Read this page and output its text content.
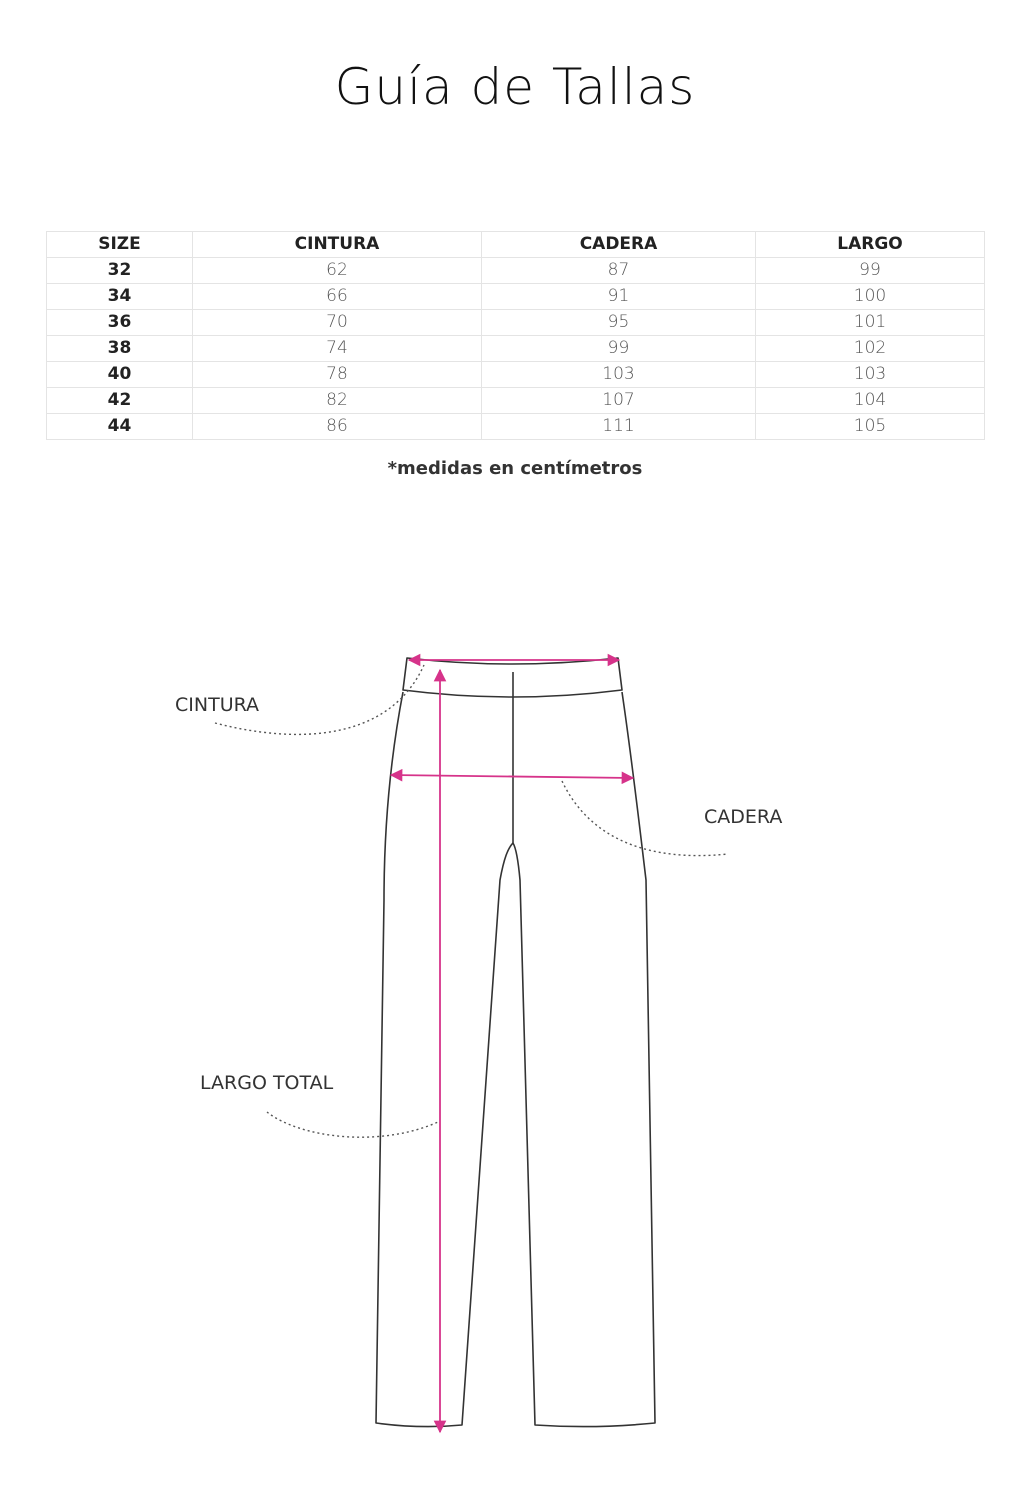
Guía de Tallas
SIZE	CINTURA	CADERA	LARGO
32	62	87	99
34	66	91	100
36	70	95	101
38	74	99	102
40	78	103	103
42	82	107	104
44	86	111	105
*medidas en centímetros
CINTURA
CADERA
LARGO TOTAL
